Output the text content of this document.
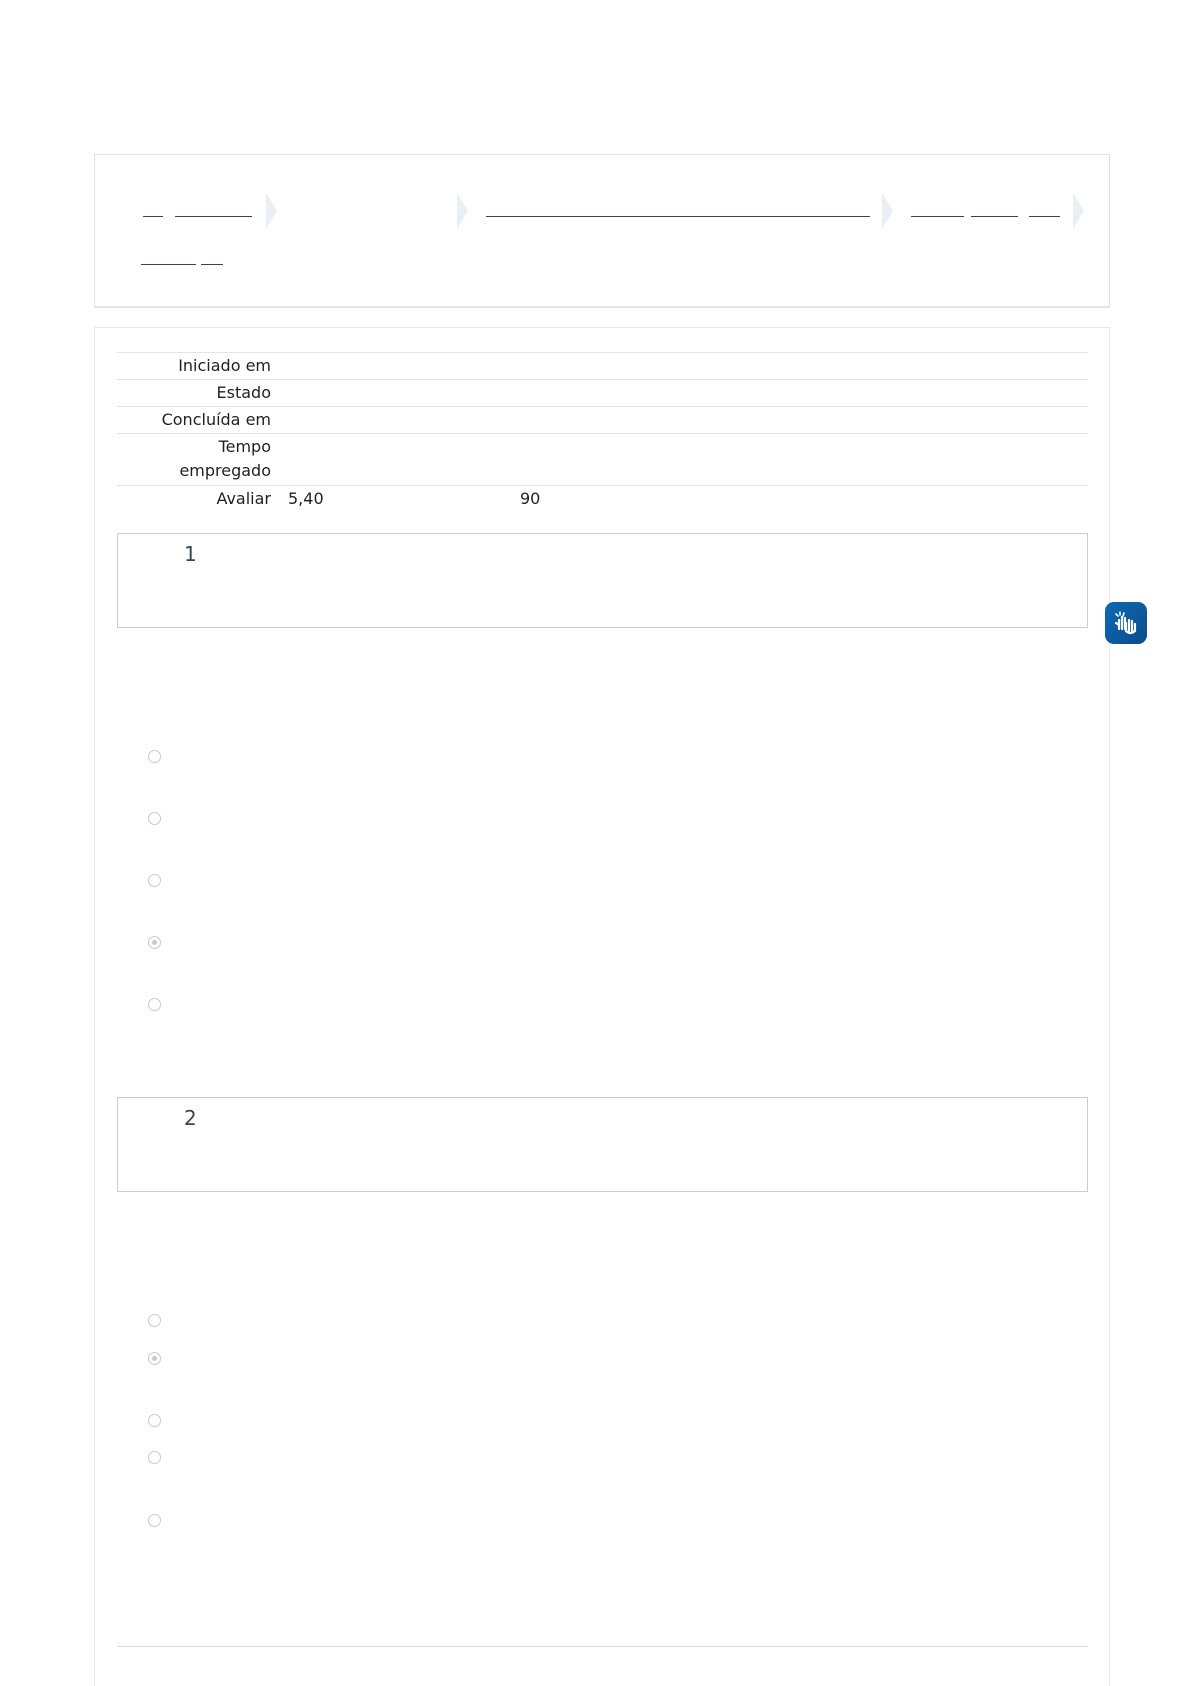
Iniciado em
Estado
Concluída em
Tempo
empregado
Avaliar 5,40	90
1
2
